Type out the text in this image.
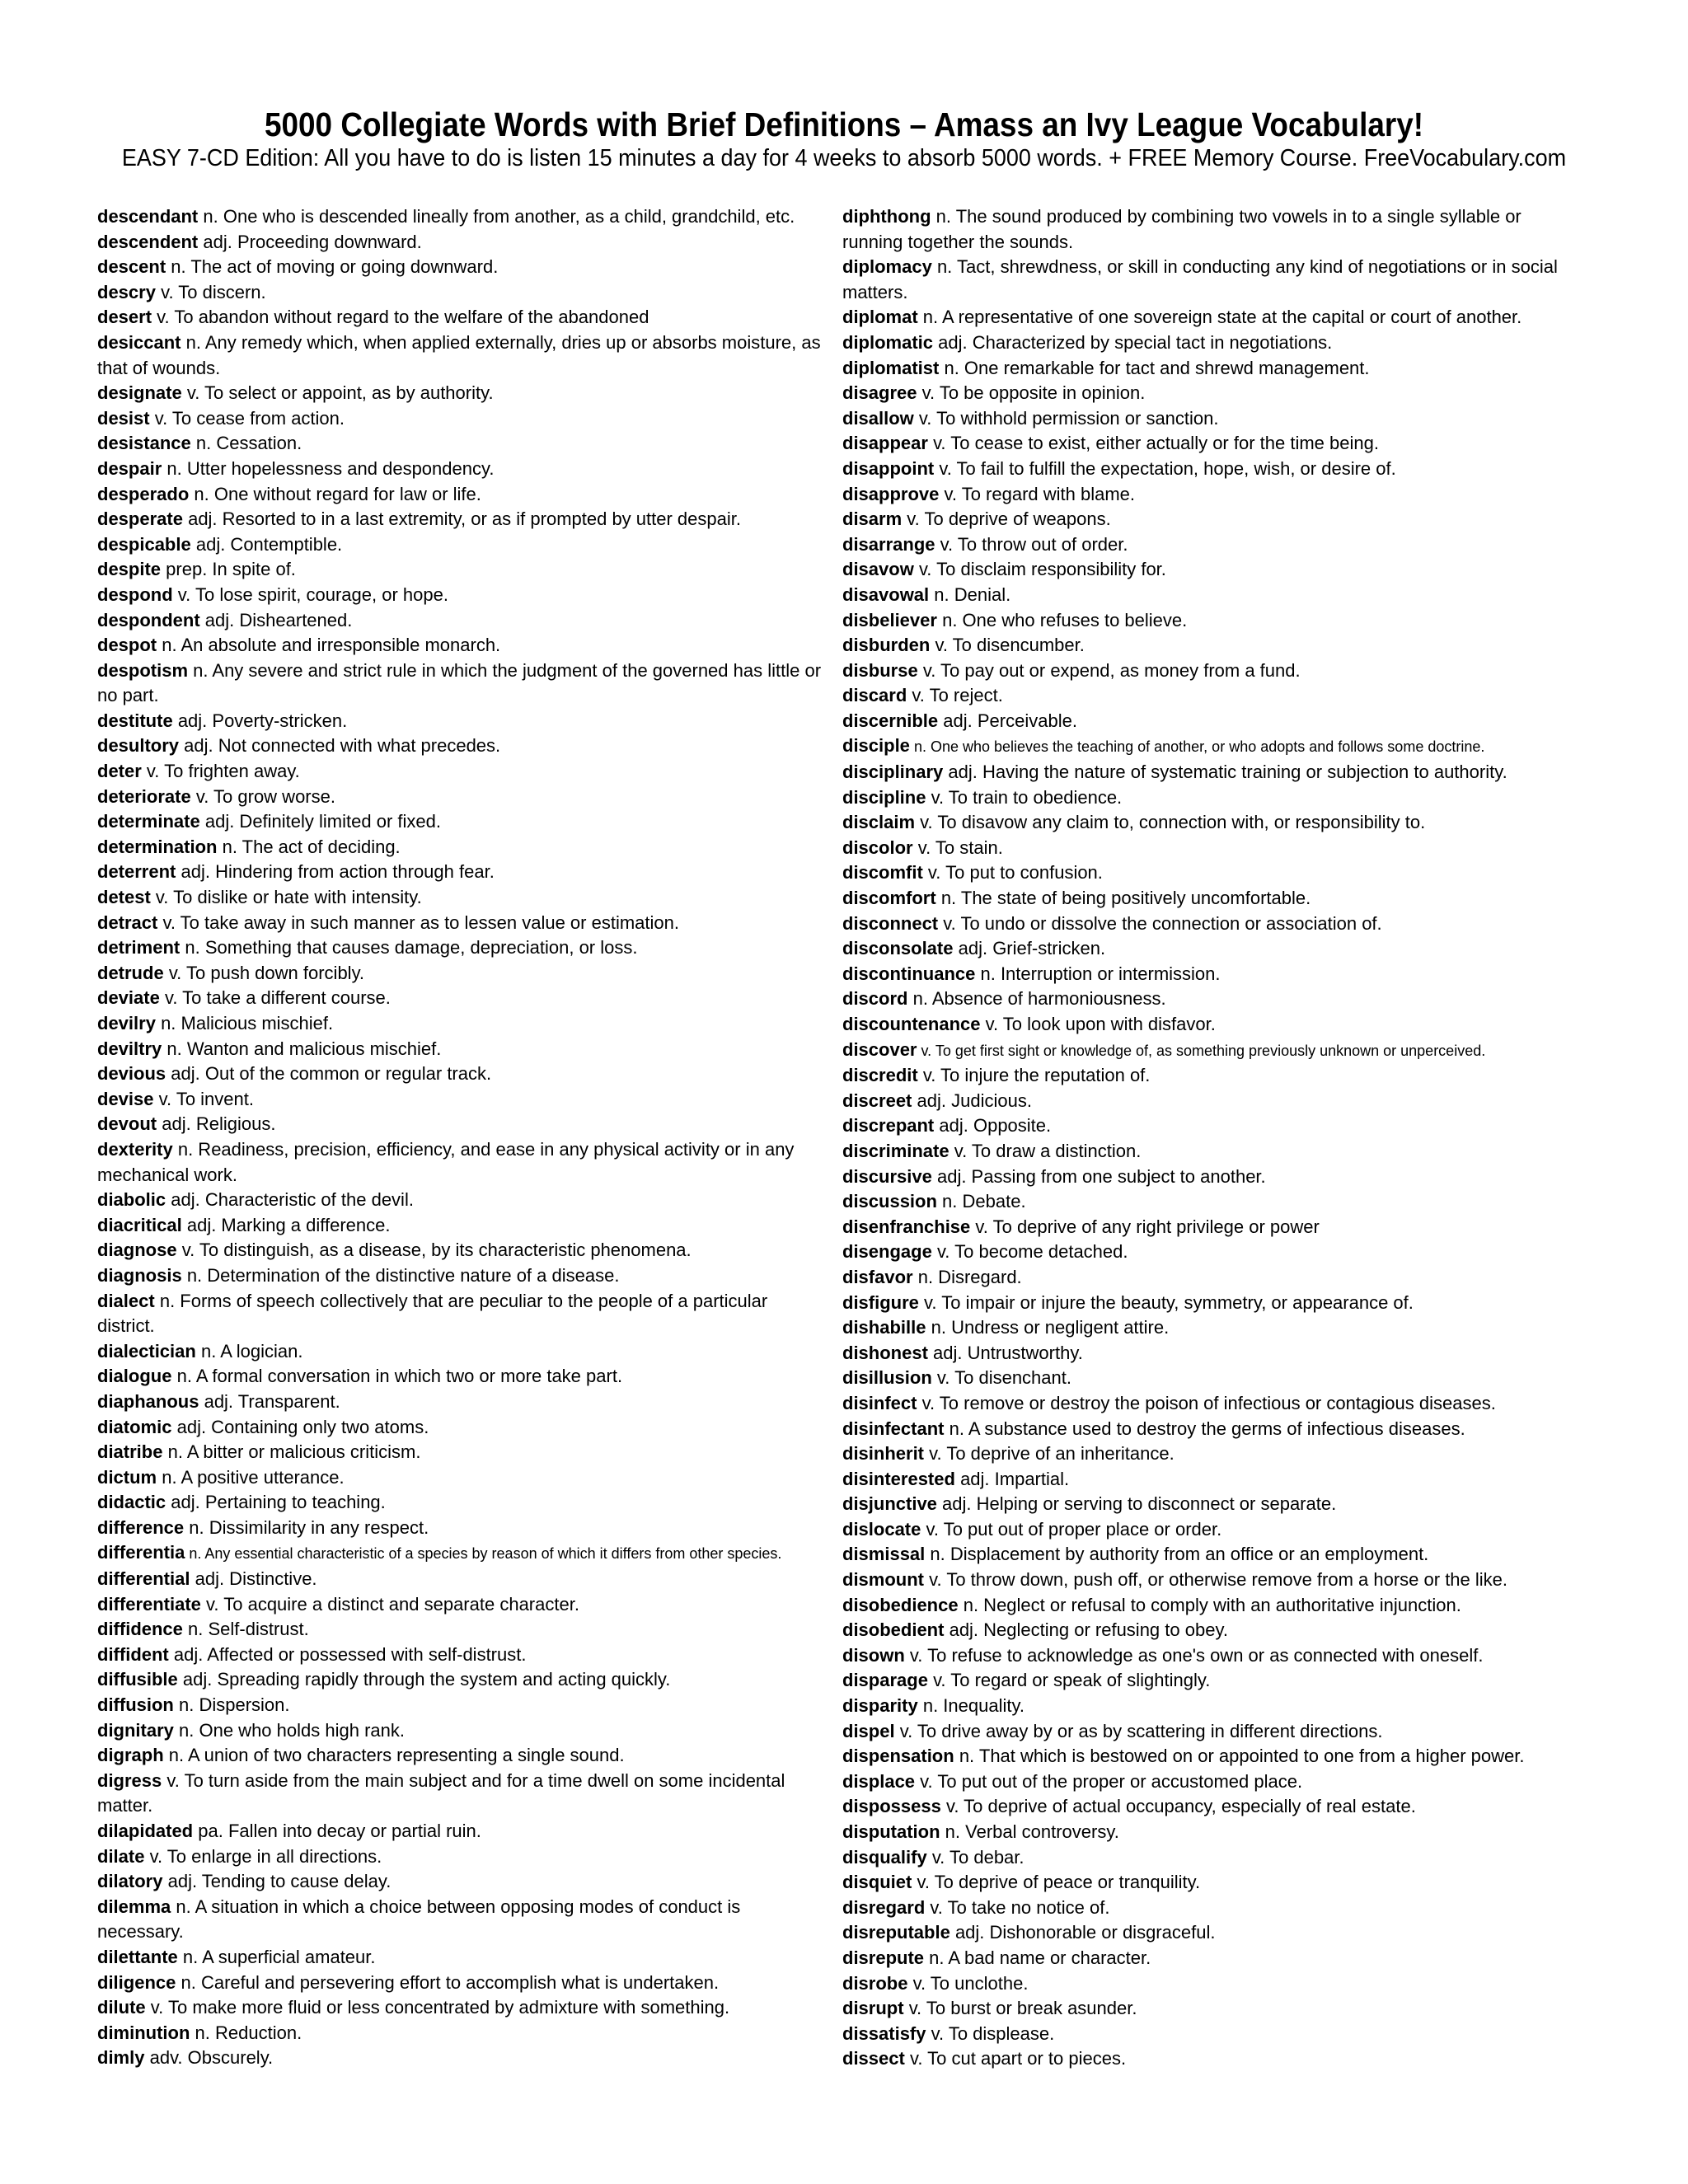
5000 Collegiate Words with Brief Definitions – Amass an Ivy League Vocabulary!
EASY 7-CD Edition: All you have to do is listen 15 minutes a day for 4 weeks to absorb 5000 words. + FREE Memory Course. FreeVocabulary.com

descendant n. One who is descended lineally from another, as a child, grandchild, etc.

descendent adj. Proceeding downward.

descent n. The act of moving or going downward.

descry v. To discern.

desert v. To abandon without regard to the welfare of the abandoned

desiccant n. Any remedy which, when applied externally, dries up or absorbs moisture, as that of wounds.

designate v. To select or appoint, as by authority.

desist v. To cease from action.

desistance n. Cessation.

despair n. Utter hopelessness and despondency.

desperado n. One without regard for law or life.

desperate adj. Resorted to in a last extremity, or as if prompted by utter despair.

despicable adj. Contemptible.

despite prep. In spite of.

despond v. To lose spirit, courage, or hope.

despondent adj. Disheartened.

despot n. An absolute and irresponsible monarch.

despotism n. Any severe and strict rule in which the judgment of the governed has little or no part.

destitute adj. Poverty-stricken.

desultory adj. Not connected with what precedes.

deter v. To frighten away.

deteriorate v. To grow worse.

determinate adj. Definitely limited or fixed.

determination n. The act of deciding.

deterrent adj. Hindering from action through fear.

detest v. To dislike or hate with intensity.

detract v. To take away in such manner as to lessen value or estimation.

detriment n. Something that causes damage, depreciation, or loss.

detrude v. To push down forcibly.

deviate v. To take a different course.

devilry n. Malicious mischief.

deviltry n. Wanton and malicious mischief.

devious adj. Out of the common or regular track.

devise v. To invent.

devout adj. Religious.

dexterity n. Readiness, precision, efficiency, and ease in any physical activity or in any mechanical work.

diabolic adj. Characteristic of the devil.

diacritical adj. Marking a difference.

diagnose v. To distinguish, as a disease, by its characteristic phenomena.

diagnosis n. Determination of the distinctive nature of a disease.

dialect n. Forms of speech collectively that are peculiar to the people of a particular district.

dialectician n. A logician.

dialogue n. A formal conversation in which two or more take part.

diaphanous adj. Transparent.

diatomic adj. Containing only two atoms.

diatribe n. A bitter or malicious criticism.

dictum n. A positive utterance.

didactic adj. Pertaining to teaching.

difference n. Dissimilarity in any respect.

differentia n. Any essential characteristic of a species by reason of which it differs from other species.

differential adj. Distinctive.

differentiate v. To acquire a distinct and separate character.

diffidence n. Self-distrust.

diffident adj. Affected or possessed with self-distrust.

diffusible adj. Spreading rapidly through the system and acting quickly.

diffusion n. Dispersion.

dignitary n. One who holds high rank.

digraph n. A union of two characters representing a single sound.

digress v. To turn aside from the main subject and for a time dwell on some incidental matter.

dilapidated pa. Fallen into decay or partial ruin.

dilate v. To enlarge in all directions.

dilatory adj. Tending to cause delay.

dilemma n. A situation in which a choice between opposing modes of conduct is necessary.

dilettante n. A superficial amateur.

diligence n. Careful and persevering effort to accomplish what is undertaken.

dilute v. To make more fluid or less concentrated by admixture with something.

diminution n. Reduction.

dimly adv. Obscurely.

diphthong n. The sound produced by combining two vowels in to a single syllable or running together the sounds.

diplomacy n. Tact, shrewdness, or skill in conducting any kind of negotiations or in social matters.

diplomat n. A representative of one sovereign state at the capital or court of another.

diplomatic adj. Characterized by special tact in negotiations.

diplomatist n. One remarkable for tact and shrewd management.

disagree v. To be opposite in opinion.

disallow v. To withhold permission or sanction.

disappear v. To cease to exist, either actually or for the time being.

disappoint v. To fail to fulfill the expectation, hope, wish, or desire of.

disapprove v. To regard with blame.

disarm v. To deprive of weapons.

disarrange v. To throw out of order.

disavow v. To disclaim responsibility for.

disavowal n. Denial.

disbeliever n. One who refuses to believe.

disburden v. To disencumber.

disburse v. To pay out or expend, as money from a fund.

discard v. To reject.

discernible adj. Perceivable.

disciple n. One who believes the teaching of another, or who adopts and follows some doctrine.

disciplinary adj. Having the nature of systematic training or subjection to authority.

discipline v. To train to obedience.

disclaim v. To disavow any claim to, connection with, or responsibility to.

discolor v. To stain.

discomfit v. To put to confusion.

discomfort n. The state of being positively uncomfortable.

disconnect v. To undo or dissolve the connection or association of.

disconsolate adj. Grief-stricken.

discontinuance n. Interruption or intermission.

discord n. Absence of harmoniousness.

discountenance v. To look upon with disfavor.

discover v. To get first sight or knowledge of, as something previously unknown or unperceived.

discredit v. To injure the reputation of.

discreet adj. Judicious.

discrepant adj. Opposite.

discriminate v. To draw a distinction.

discursive adj. Passing from one subject to another.

discussion n. Debate.

disenfranchise v. To deprive of any right privilege or power

disengage v. To become detached.

disfavor n. Disregard.

disfigure v. To impair or injure the beauty, symmetry, or appearance of.

dishabille n. Undress or negligent attire.

dishonest adj. Untrustworthy.

disillusion v. To disenchant.

disinfect v. To remove or destroy the poison of infectious or contagious diseases.

disinfectant n. A substance used to destroy the germs of infectious diseases.

disinherit v. To deprive of an inheritance.

disinterested adj. Impartial.

disjunctive adj. Helping or serving to disconnect or separate.

dislocate v. To put out of proper place or order.

dismissal n. Displacement by authority from an office or an employment.

dismount v. To throw down, push off, or otherwise remove from a horse or the like.

disobedience n. Neglect or refusal to comply with an authoritative injunction.

disobedient adj. Neglecting or refusing to obey.

disown v. To refuse to acknowledge as one's own or as connected with oneself.

disparage v. To regard or speak of slightingly.

disparity n. Inequality.

dispel v. To drive away by or as by scattering in different directions.

dispensation n. That which is bestowed on or appointed to one from a higher power.

displace v. To put out of the proper or accustomed place.

dispossess v. To deprive of actual occupancy, especially of real estate.

disputation n. Verbal controversy.

disqualify v. To debar.

disquiet v. To deprive of peace or tranquility.

disregard v. To take no notice of.

disreputable adj. Dishonorable or disgraceful.

disrepute n. A bad name or character.

disrobe v. To unclothe.

disrupt v. To burst or break asunder.

dissatisfy v. To displease.

dissect v. To cut apart or to pieces.
